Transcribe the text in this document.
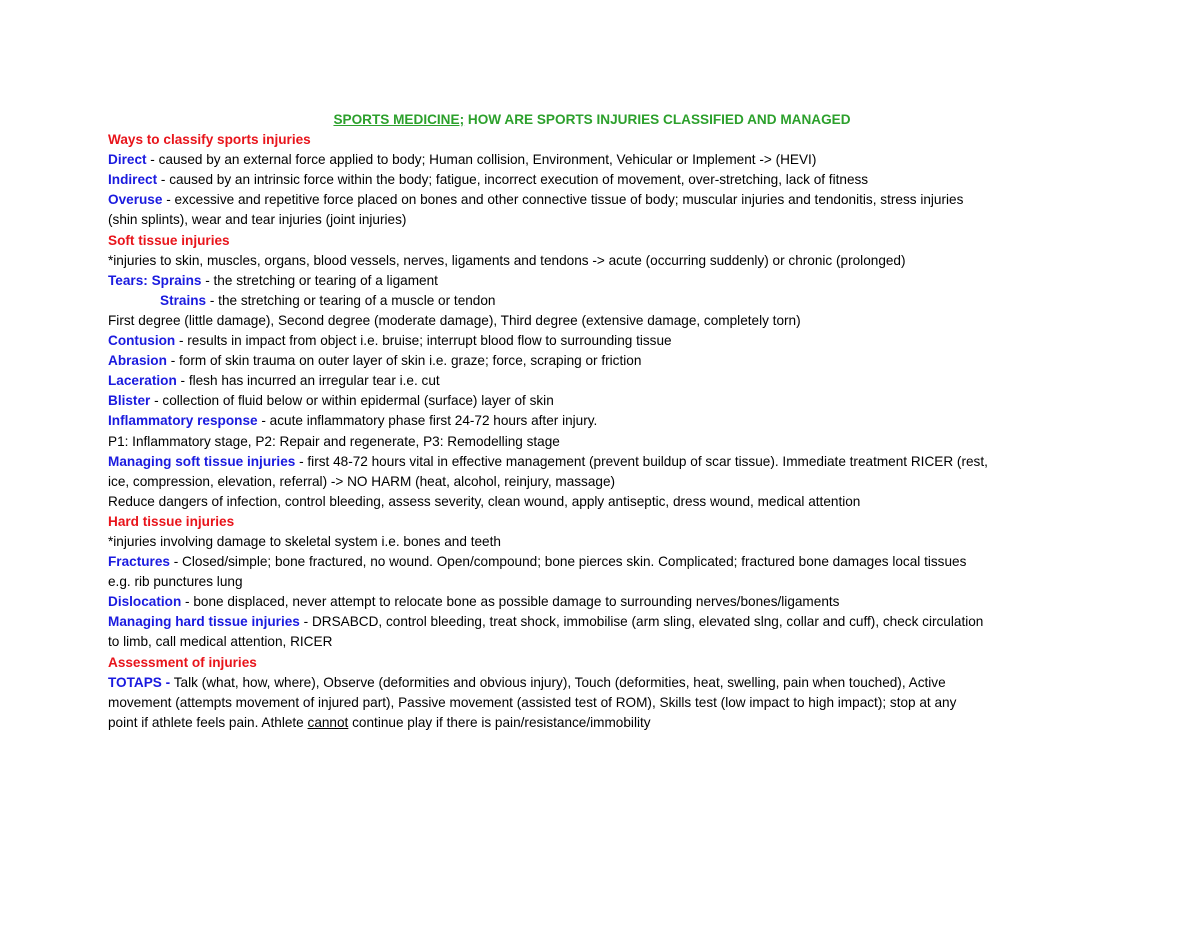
SPORTS MEDICINE; HOW ARE SPORTS INJURIES CLASSIFIED AND MANAGED
Ways to classify sports injuries
Direct - caused by an external force applied to body; Human collision, Environment, Vehicular or Implement -> (HEVI)
Indirect - caused by an intrinsic force within the body; fatigue, incorrect execution of movement, over-stretching, lack of fitness
Overuse - excessive and repetitive force placed on bones and other connective tissue of body; muscular injuries and tendonitis, stress injuries
(shin splints), wear and tear injuries (joint injuries)
Soft tissue injuries
*injuries to skin, muscles, organs, blood vessels, nerves, ligaments and tendons -> acute (occurring suddenly) or chronic (prolonged)
Tears: Sprains - the stretching or tearing of a ligament
Strains - the stretching or tearing of a muscle or tendon
First degree (little damage), Second degree (moderate damage), Third degree (extensive damage, completely torn)
Contusion - results in impact from object i.e. bruise; interrupt blood flow to surrounding tissue
Abrasion - form of skin trauma on outer layer of skin i.e. graze; force, scraping or friction
Laceration - flesh has incurred an irregular tear i.e. cut
Blister - collection of fluid below or within epidermal (surface) layer of skin
Inflammatory response - acute inflammatory phase first 24-72 hours after injury.
P1: Inflammatory stage, P2: Repair and regenerate, P3: Remodelling stage
Managing soft tissue injuries - first 48-72 hours vital in effective management (prevent buildup of scar tissue). Immediate treatment RICER (rest,
ice, compression, elevation, referral) -> NO HARM (heat, alcohol, reinjury, massage)
Reduce dangers of infection, control bleeding, assess severity, clean wound, apply antiseptic, dress wound, medical attention
Hard tissue injuries
*injuries involving damage to skeletal system i.e. bones and teeth
Fractures - Closed/simple; bone fractured, no wound. Open/compound; bone pierces skin. Complicated; fractured bone damages local tissues
e.g. rib punctures lung
Dislocation - bone displaced, never attempt to relocate bone as possible damage to surrounding nerves/bones/ligaments
Managing hard tissue injuries - DRSABCD, control bleeding, treat shock, immobilise (arm sling, elevated slng, collar and cuff), check circulation
to limb, call medical attention, RICER
Assessment of injuries
TOTAPS - Talk (what, how, where), Observe (deformities and obvious injury), Touch (deformities, heat, swelling, pain when touched), Active
movement (attempts movement of injured part), Passive movement (assisted test of ROM), Skills test (low impact to high impact); stop at any
point if athlete feels pain. Athlete cannot continue play if there is pain/resistance/immobility
